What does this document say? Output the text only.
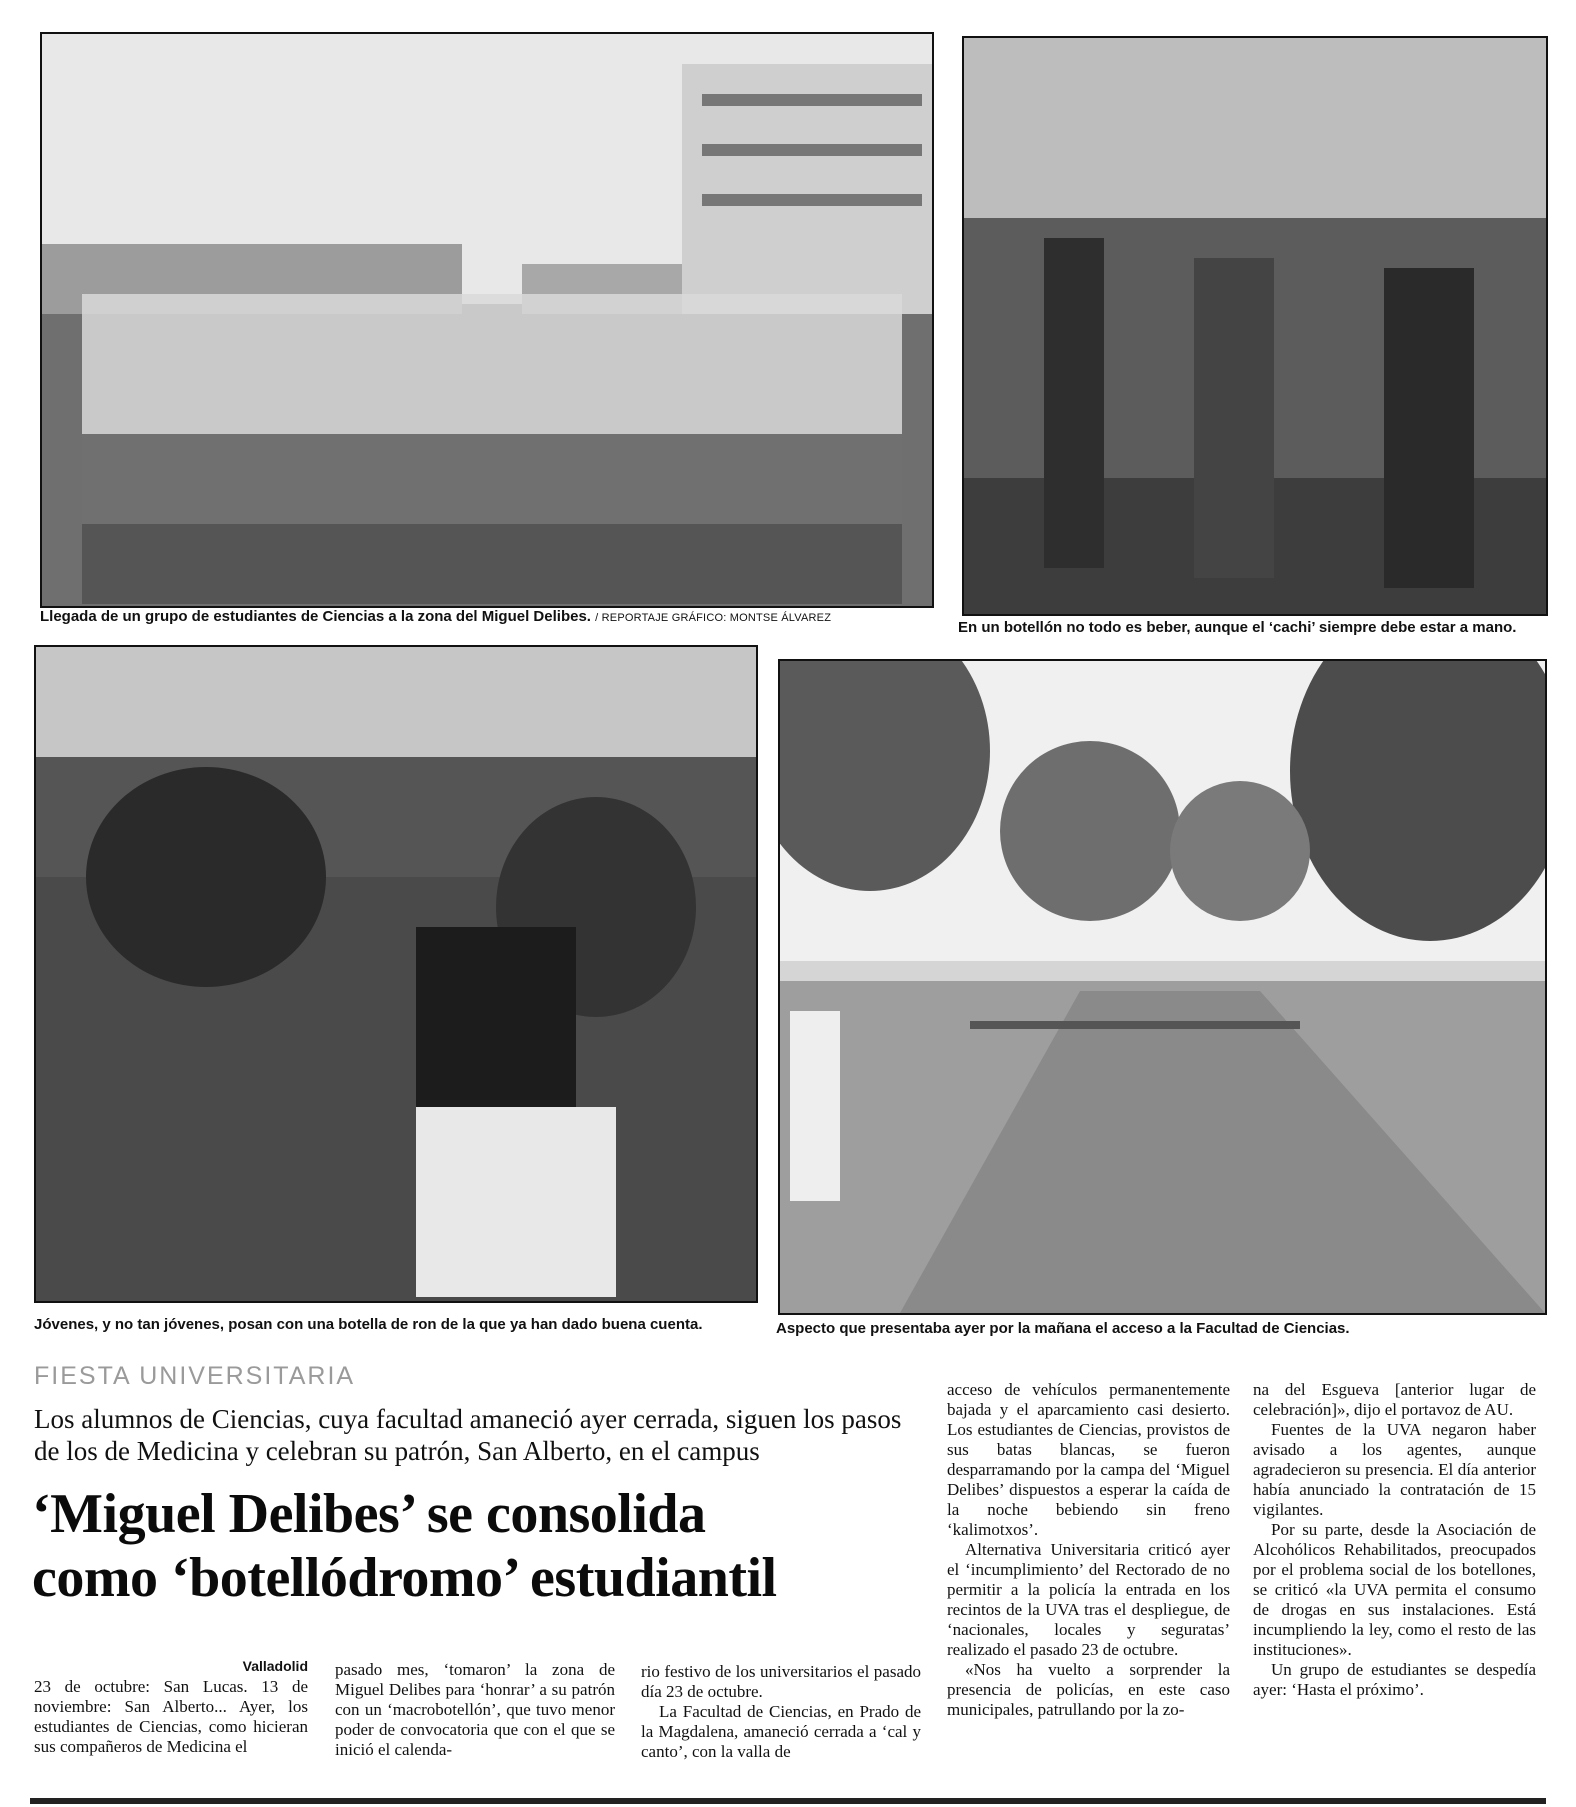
Llegada de un grupo de estudiantes de Ciencias a la zona del Miguel Delibes. / REPORTAJE GRÁFICO: MONTSE ÁLVAREZ
En un botellón no todo es beber, aunque el ‘cachi’ siempre debe estar a mano.
Jóvenes, y no tan jóvenes, posan con una botella de ron de la que ya han dado buena cuenta.	Aspecto que presentaba ayer por la mañana el acceso a la Facultad de Ciencias.
FIESTA UNIVERSITARIA
Los alumnos de Ciencias, cuya facultad amaneció ayer cerrada, siguen los pasos de los de Medicina y celebran su patrón, San Alberto, en el campus
‘Miguel Delibes’ se consolida
como ‘botellódromo’ estudiantil
Valladolid

23 de octubre: San Lucas. 13 de noviembre: San Alberto... Ayer, los estudiantes de Ciencias, como hicieran sus compañeros de Medicina el

pasado mes, ‘tomaron’ la zona de Miguel Delibes para ‘honrar’ a su patrón con un ‘macrobotellón’, que tuvo menor poder de convocatoria que con el que se inició el calenda-

rio festivo de los universitarios el pasado día 23 de octubre.

La Facultad de Ciencias, en Prado de la Magdalena, amaneció cerrada a ‘cal y canto’, con la valla de

acceso de vehículos permanentemente bajada y el aparcamiento casi desierto. Los estudiantes de Ciencias, provistos de sus batas blancas, se fueron desparramando por la campa del ‘Miguel Delibes’ dispuestos a esperar la caída de la noche bebiendo sin freno ‘kalimotxos’.

Alternativa Universitaria criticó ayer el ‘incumplimiento’ del Rectorado de no permitir a la policía la entrada en los recintos de la UVA tras el despliegue, de ‘nacionales, locales y seguratas’ realizado el pasado 23 de octubre.

«Nos ha vuelto a sorprender la presencia de policías, en este caso municipales, patrullando por la zo-

na del Esgueva [anterior lugar de celebración]», dijo el portavoz de AU.

Fuentes de la UVA negaron haber avisado a los agentes, aunque agradecieron su presencia. El día anterior había anunciado la contratación de 15 vigilantes.

Por su parte, desde la Asociación de Alcohólicos Rehabilitados, preocupados por el problema social de los botellones, se criticó «la UVA permita el consumo de drogas en sus instalaciones. Está incumpliendo la ley, como el resto de las instituciones».

Un grupo de estudiantes se despedía ayer: ‘Hasta el próximo’.
